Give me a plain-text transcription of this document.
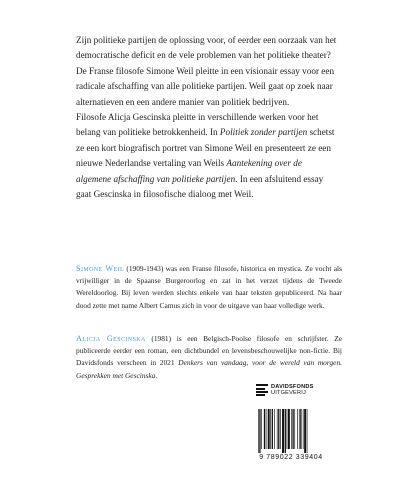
Zijn politieke partijen de oplossing voor, of eerder een oorzaak van het democratische deficit en de vele problemen van het politieke theater? De Franse filosofe Simone Weil pleitte in een visionair essay voor een radicale afschaffing van alle politieke partijen. Weil gaat op zoek naar alternatieven en een andere manier van politiek bedrijven.

Filosofe Alicja Gescinska pleitte in verschillende werken voor het belang van politieke betrokkenheid. In Politiek zonder partijen schetst ze een kort biografisch portret van Simone Weil en presenteert ze een nieuwe Nederlandse vertaling van Weils Aantekening over de algemene afschaffing van politieke partijen. In een afsluitend essay gaat Gescinska in filosofische dialoog met Weil.

Simone Weil (1909-1943) was een Franse filosofe, historica en mystica. Ze vocht als vrijwilliger in de Spaanse Burgeroorlog en zat in het verzet tijdens de Tweede Wereldoorlog. Bij leven werden slechts enkele van haar teksten gepubliceerd. Na haar dood zette met name Albert Camus zich in voor de uitgave van haar volledige werk.

Alicja Gescinska (1981) is een Belgisch-Poolse filosofe en schrijfster. Ze publiceerde eerder een roman, een dichtbundel en levensbeschouwelijke non-fictie. Bij Davidsfonds verscheen in 2021 Denkers van vandaag, voor de wereld van morgen. Gesprekken met Gescinska.

DAVIDSFONDS
UITGEVERIJ
9 789022 339404
